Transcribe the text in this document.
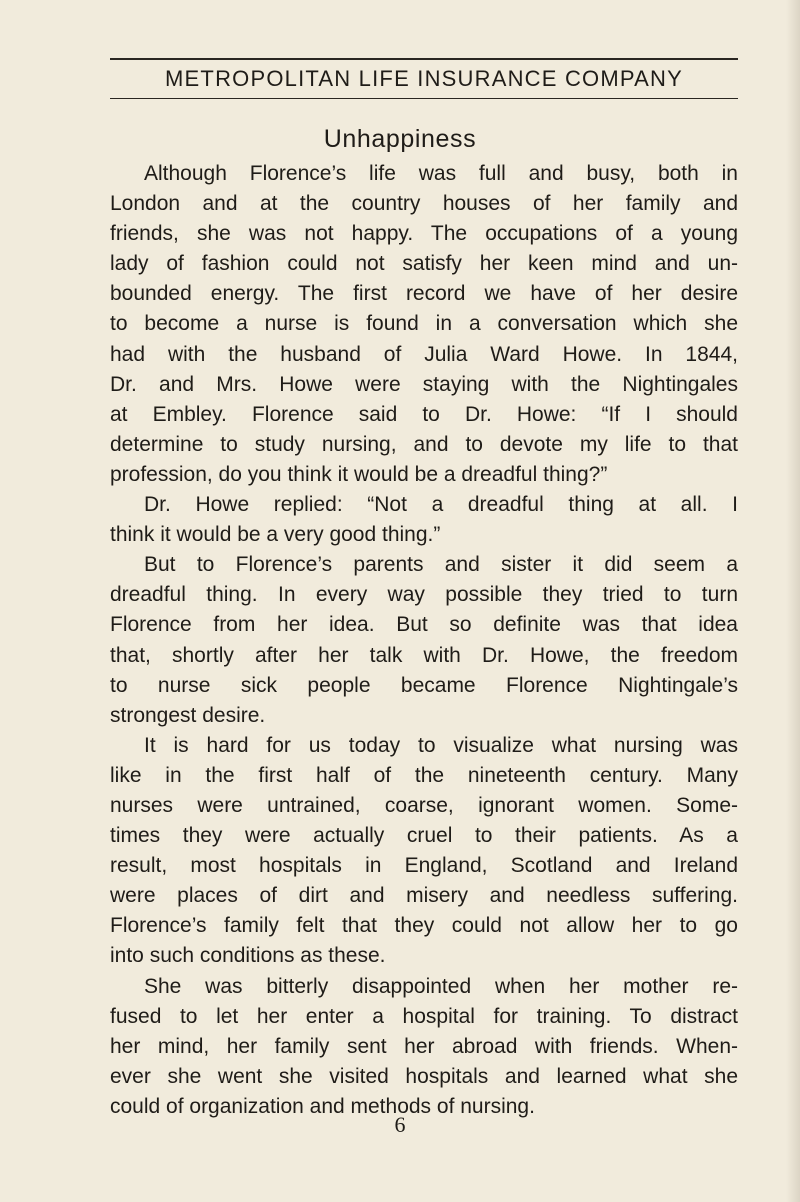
METROPOLITAN LIFE INSURANCE COMPANY
Unhappiness
Although Florence’s life was full and busy, both in
London and at the country houses of her family and
friends, she was not happy. The occupations of a young
lady of fashion could not satisfy her keen mind and un-
bounded energy. The first record we have of her desire
to become a nurse is found in a conversation which she
had with the husband of Julia Ward Howe. In 1844,
Dr. and Mrs. Howe were staying with the Nightingales
at Embley. Florence said to Dr. Howe: “If I should
determine to study nursing, and to devote my life to that
profession, do you think it would be a dreadful thing?”
Dr. Howe replied: “Not a dreadful thing at all. I
think it would be a very good thing.”
But to Florence’s parents and sister it did seem a
dreadful thing. In every way possible they tried to turn
Florence from her idea. But so definite was that idea
that, shortly after her talk with Dr. Howe, the freedom
to nurse sick people became Florence Nightingale’s
strongest desire.
It is hard for us today to visualize what nursing was
like in the first half of the nineteenth century. Many
nurses were untrained, coarse, ignorant women. Some-
times they were actually cruel to their patients. As a
result, most hospitals in England, Scotland and Ireland
were places of dirt and misery and needless suffering.
Florence’s family felt that they could not allow her to go
into such conditions as these.
She was bitterly disappointed when her mother re-
fused to let her enter a hospital for training. To distract
her mind, her family sent her abroad with friends. When-
ever she went she visited hospitals and learned what she
could of organization and methods of nursing.
6
